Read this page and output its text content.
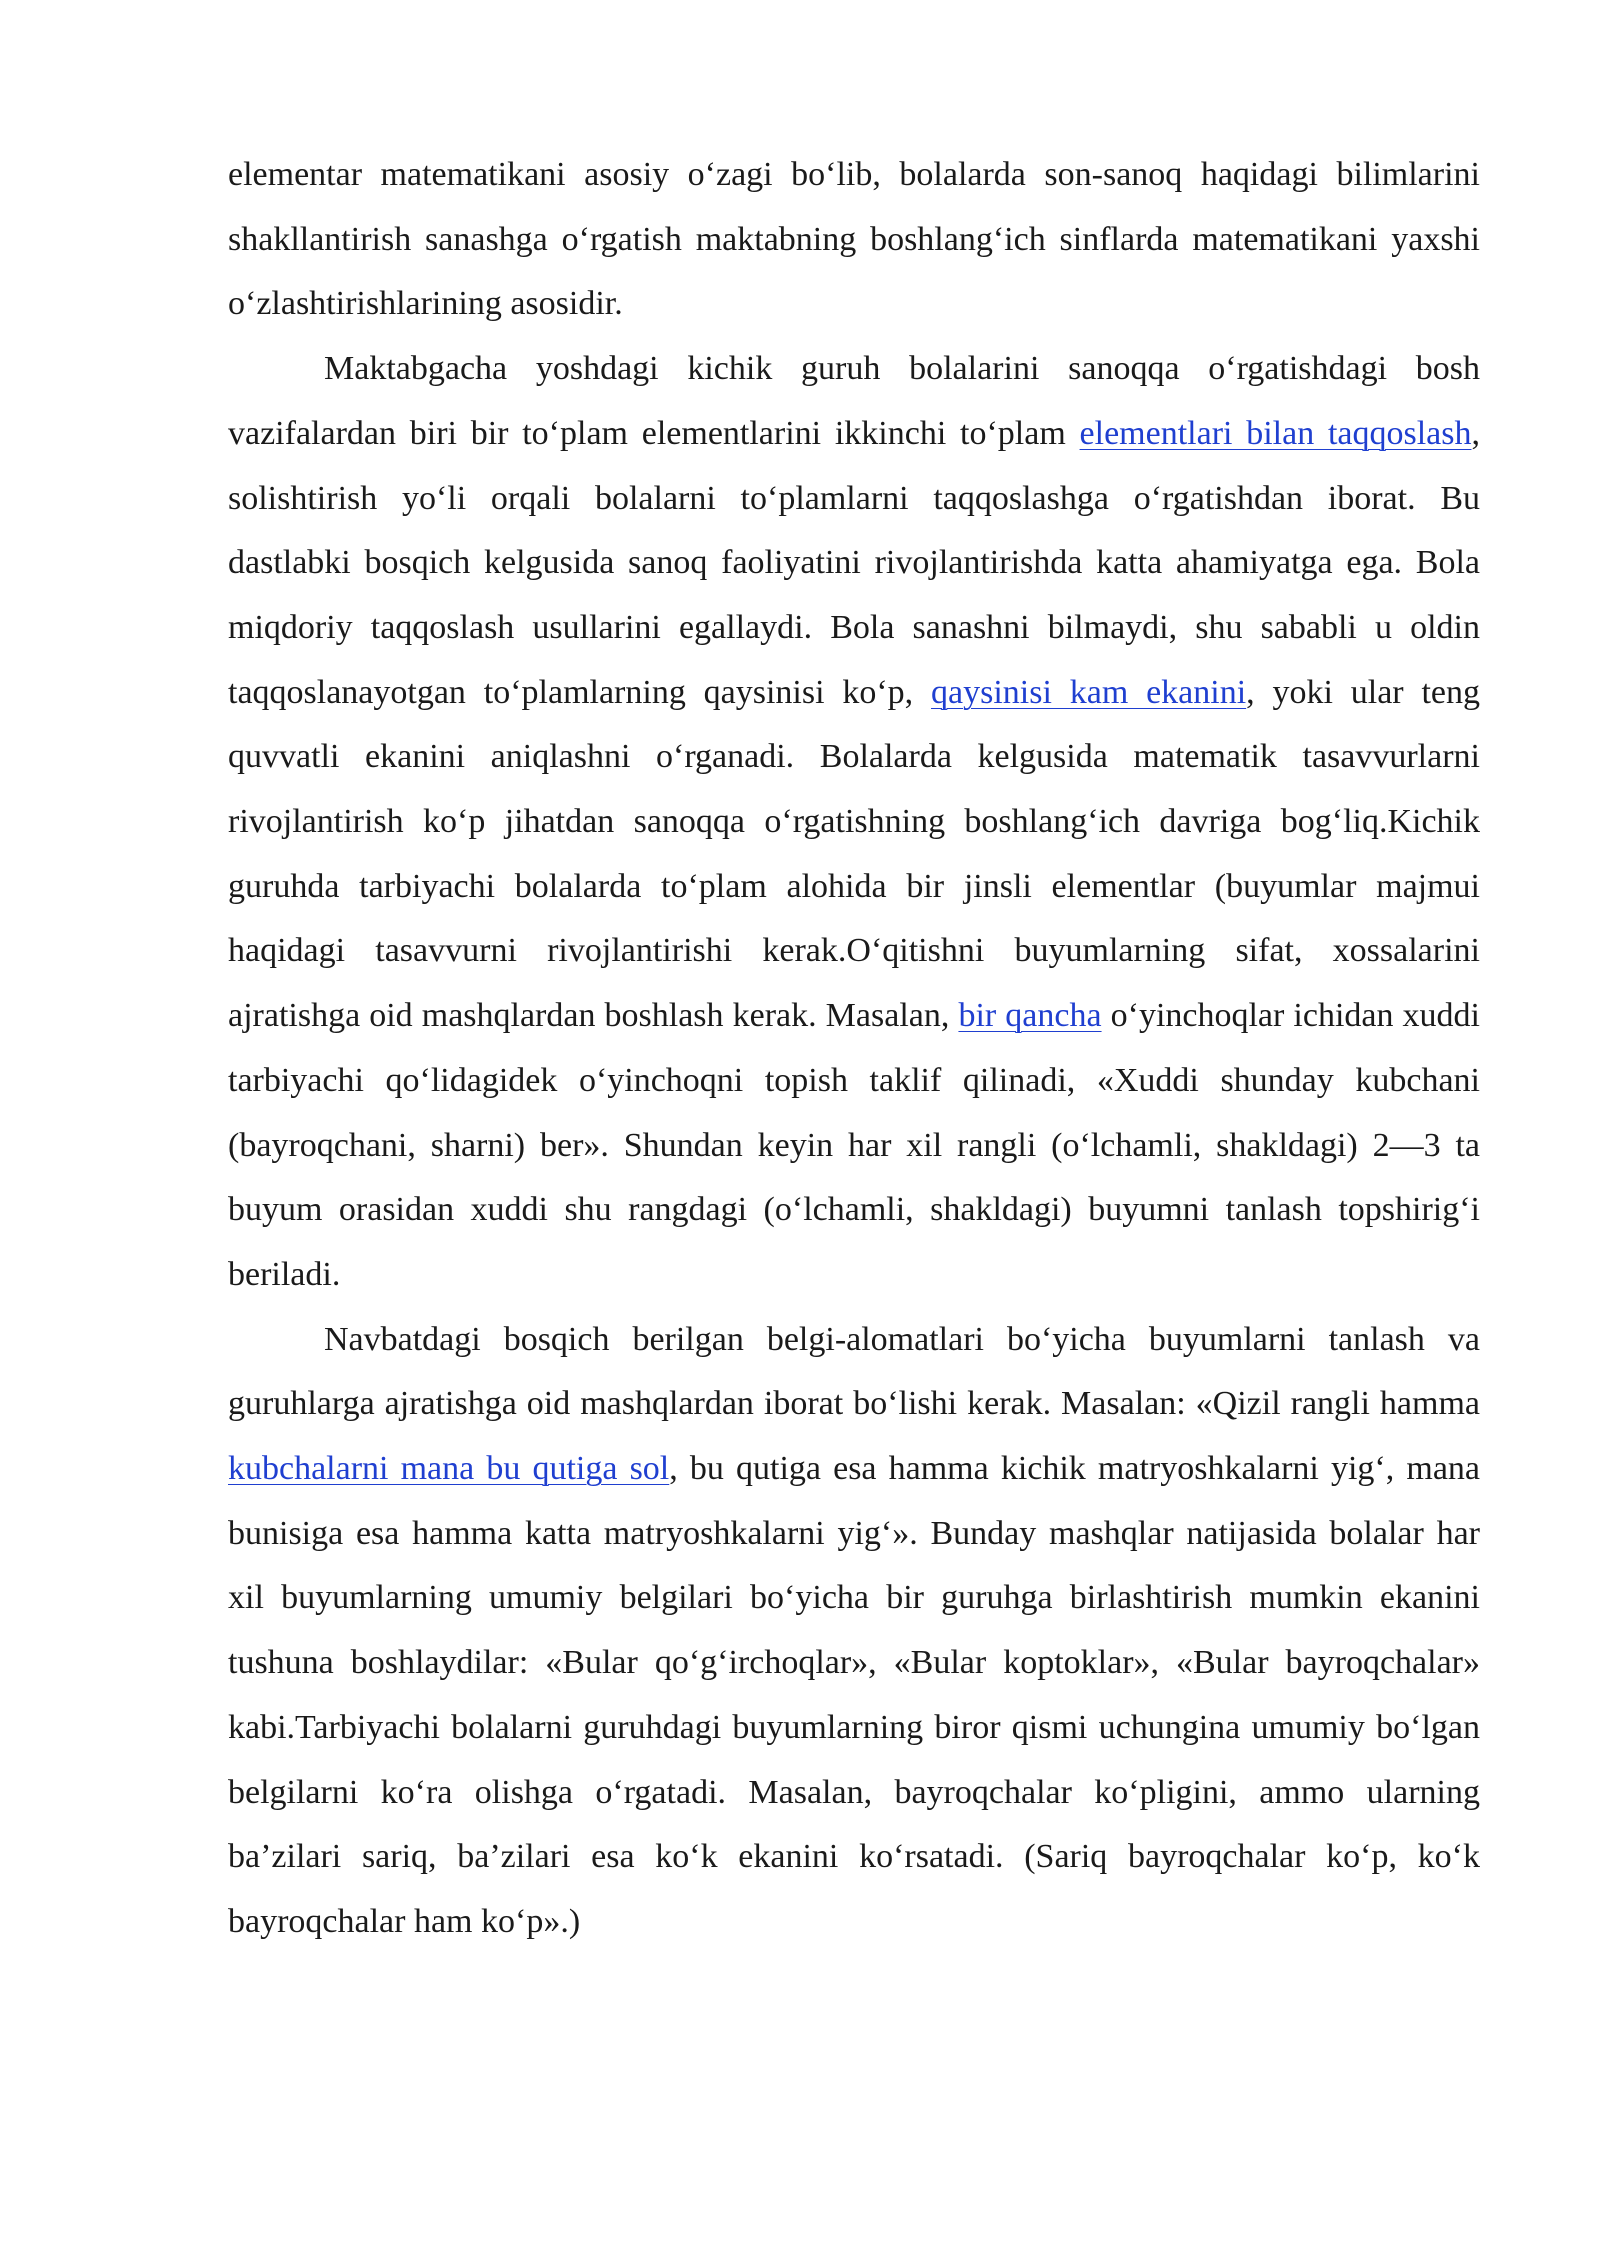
elementar matematikani asosiy o‘zagi bo‘lib, bolalarda son-sanoq haqidagi bilimlarini shakllantirish sanashga o‘rgatish maktabning boshlang‘ich sinflarda matematikani yaxshi o‘zlashtirishlarining asosidir.

Maktabgacha yoshdagi kichik guruh bolalarini sanoqqa o‘rgatishdagi bosh vazifalardan biri bir to‘plam elementlarini ikkinchi to‘plam elementlari bilan taqqoslash, solishtirish yo‘li orqali bolalarni to‘plamlarni taqqoslashga o‘rgatishdan iborat. Bu dastlabki bosqich kelgusida sanoq faoliyatini rivojlantirishda katta ahamiyatga ega. Bola miqdoriy taqqoslash usullarini egallaydi. Bola sanashni bilmaydi, shu sababli u oldin taqqoslanayotgan to‘plamlarning qaysinisi ko‘p, qaysinisi kam ekanini, yoki ular teng quvvatli ekanini aniqlashni o‘rganadi. Bolalarda kelgusida matematik tasavvurlarni rivojlantirish ko‘p jihatdan sanoqqa o‘rgatishning boshlang‘ich davriga bog‘liq.Kichik guruhda tarbiyachi bolalarda to‘plam alohida bir jinsli elementlar (buyumlar majmui haqidagi tasavvurni rivojlantirishi kerak.O‘qitishni buyumlarning sifat, xossalarini ajratishga oid mashqlardan boshlash kerak. Masalan, bir qancha o‘yinchoqlar ichidan xuddi tarbiyachi qo‘lidagidek o‘yinchoqni topish taklif qilinadi, «Xuddi shunday kubchani (bayroqchani, sharni) ber». Shundan keyin har xil rangli (o‘lchamli, shakldagi) 2—3 ta buyum orasidan xuddi shu rangdagi (o‘lchamli, shakldagi) buyumni tanlash topshirig‘i beriladi.

Navbatdagi bosqich berilgan belgi-alomatlari bo‘yicha buyumlarni tanlash va guruhlarga ajratishga oid mashqlardan iborat bo‘lishi kerak. Masalan: «Qizil rangli hamma kubchalarni mana bu qutiga sol, bu qutiga esa hamma kichik matryoshkalarni yig‘, mana bunisiga esa hamma katta matryoshkalarni yig‘». Bunday mashqlar natijasida bolalar har xil buyumlarning umumiy belgilari bo‘yicha bir guruhga birlashtirish mumkin ekanini tushuna boshlaydilar: «Bular qo‘g‘irchoqlar», «Bular koptoklar», «Bular bayroqchalar» kabi.Tarbiyachi bolalarni guruhdagi buyumlarning biror qismi uchungina umumiy bo‘lgan belgilarni ko‘ra olishga o‘rgatadi. Masalan, bayroqchalar ko‘pligini, ammo ularning ba’zilari sariq, ba’zilari esa ko‘k ekanini ko‘rsatadi. (Sariq bayroqchalar ko‘p, ko‘k bayroqchalar ham ko‘p».)
